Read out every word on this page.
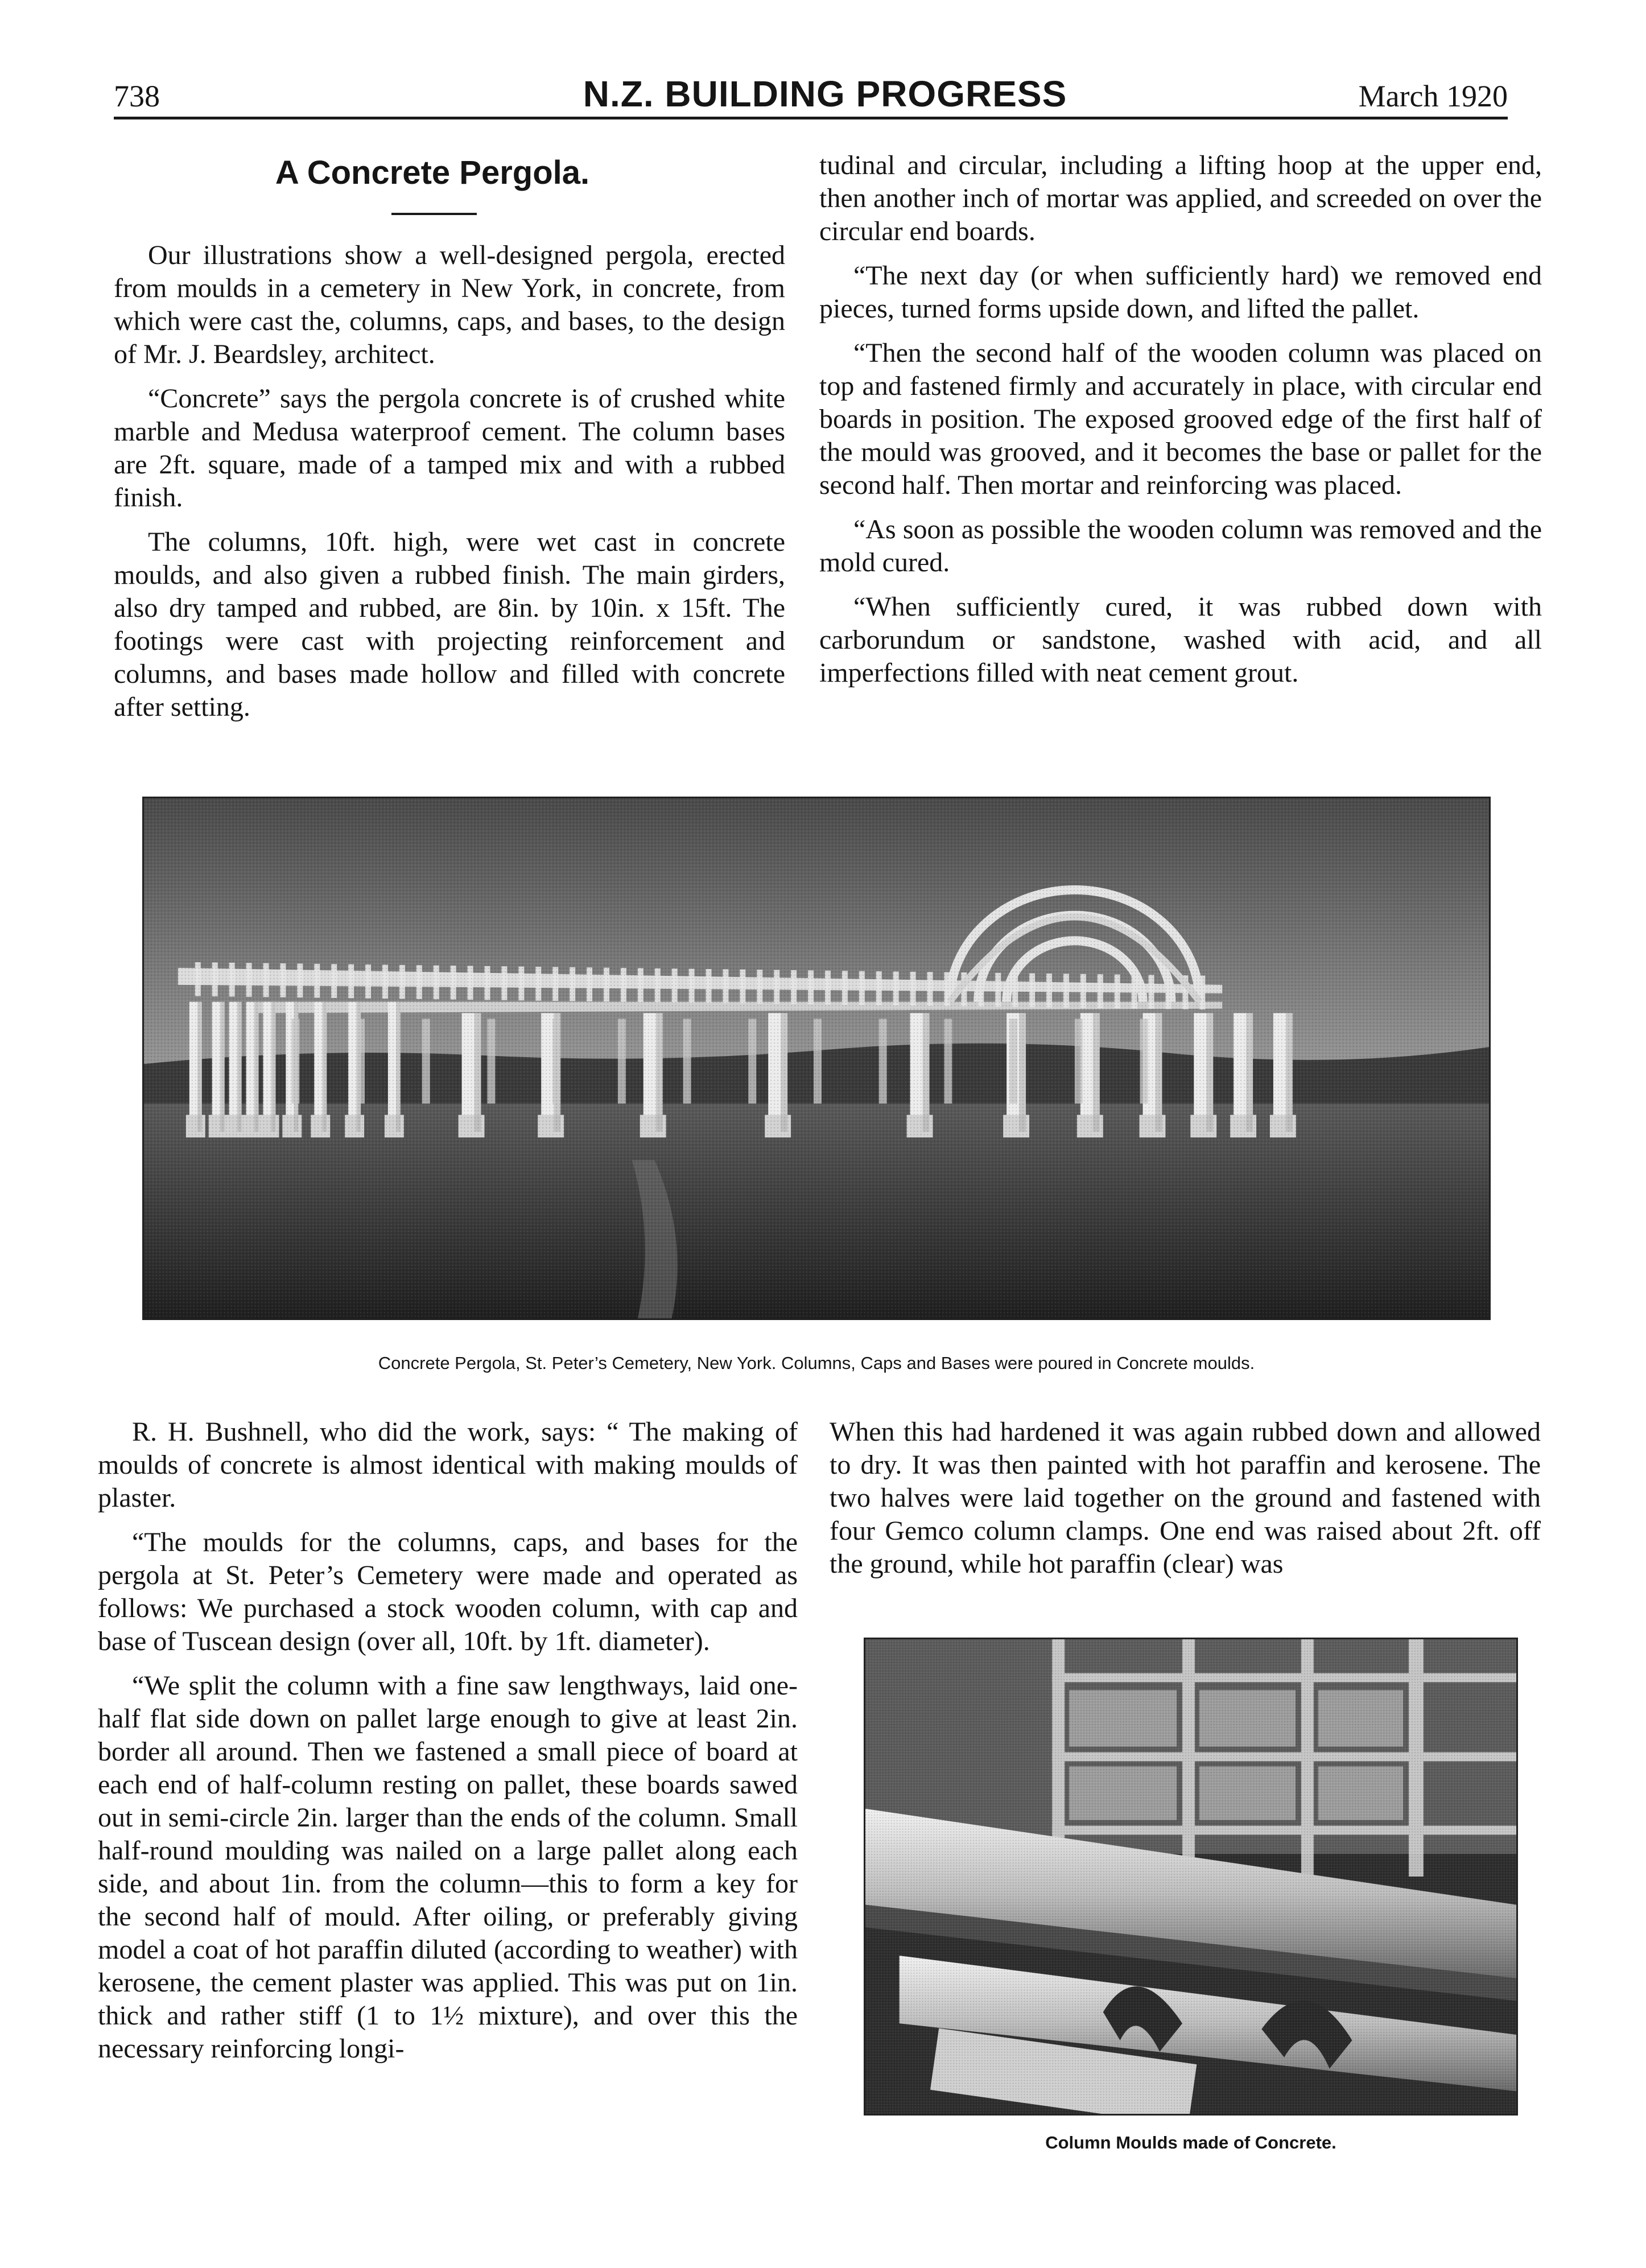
738	N.Z. BUILDING PROGRESS	March 1920
A Concrete Pergola.

Our illustrations show a well-designed pergola, erected from moulds in a cemetery in New York, in concrete, from which were cast the, columns, caps, and bases, to the design of Mr. J. Beardsley, architect.

“Concrete” says the pergola concrete is of crushed white marble and Medusa waterproof cement. The column bases are 2ft. square, made of a tamped mix and with a rubbed finish.

The columns, 10ft. high, were wet cast in concrete moulds, and also given a rubbed finish. The main girders, also dry tamped and rubbed, are 8in. by 10in. x 15ft. The footings were cast with projecting reinforcement and columns, and bases made hollow and filled with concrete after setting.

tudinal and circular, including a lifting hoop at the upper end, then another inch of mortar was applied, and screeded on over the circular end boards.

“The next day (or when sufficiently hard) we removed end pieces, turned forms upside down, and lifted the pallet.

“Then the second half of the wooden column was placed on top and fastened firmly and accurately in place, with circular end boards in position. The exposed grooved edge of the first half of the mould was grooved, and it becomes the base or pallet for the second half. Then mortar and reinforcing was placed.

“As soon as possible the wooden column was removed and the mold cured.

“When sufficiently cured, it was rubbed down with carborundum or sandstone, washed with acid, and all imperfections filled with neat cement grout.

Concrete Pergola, St. Peter’s Cemetery, New York. Columns, Caps and Bases were poured in Concrete moulds.

R. H. Bushnell, who did the work, says: “ The making of moulds of concrete is almost identical with making moulds of plaster.

“The moulds for the columns, caps, and bases for the pergola at St. Peter’s Cemetery were made and operated as follows: We purchased a stock wooden column, with cap and base of Tuscean design (over all, 10ft. by 1ft. diameter).

“We split the column with a fine saw lengthways, laid one-half flat side down on pallet large enough to give at least 2in. border all around. Then we fastened a small piece of board at each end of half-column resting on pallet, these boards sawed out in semi-circle 2in. larger than the ends of the column. Small half-round moulding was nailed on a large pallet along each side, and about 1in. from the column—this to form a key for the second half of mould. After oiling, or preferably giving model a coat of hot paraffin diluted (according to weather) with kerosene, the cement plaster was applied. This was put on 1in. thick and rather stiff (1 to 1½ mixture), and over this the necessary reinforcing longi-

When this had hardened it was again rubbed down and allowed to dry. It was then painted with hot paraffin and kerosene. The two halves were laid together on the ground and fastened with four Gemco column clamps. One end was raised about 2ft. off the ground, while hot paraffin (clear) was

Column Moulds made of Concrete.
